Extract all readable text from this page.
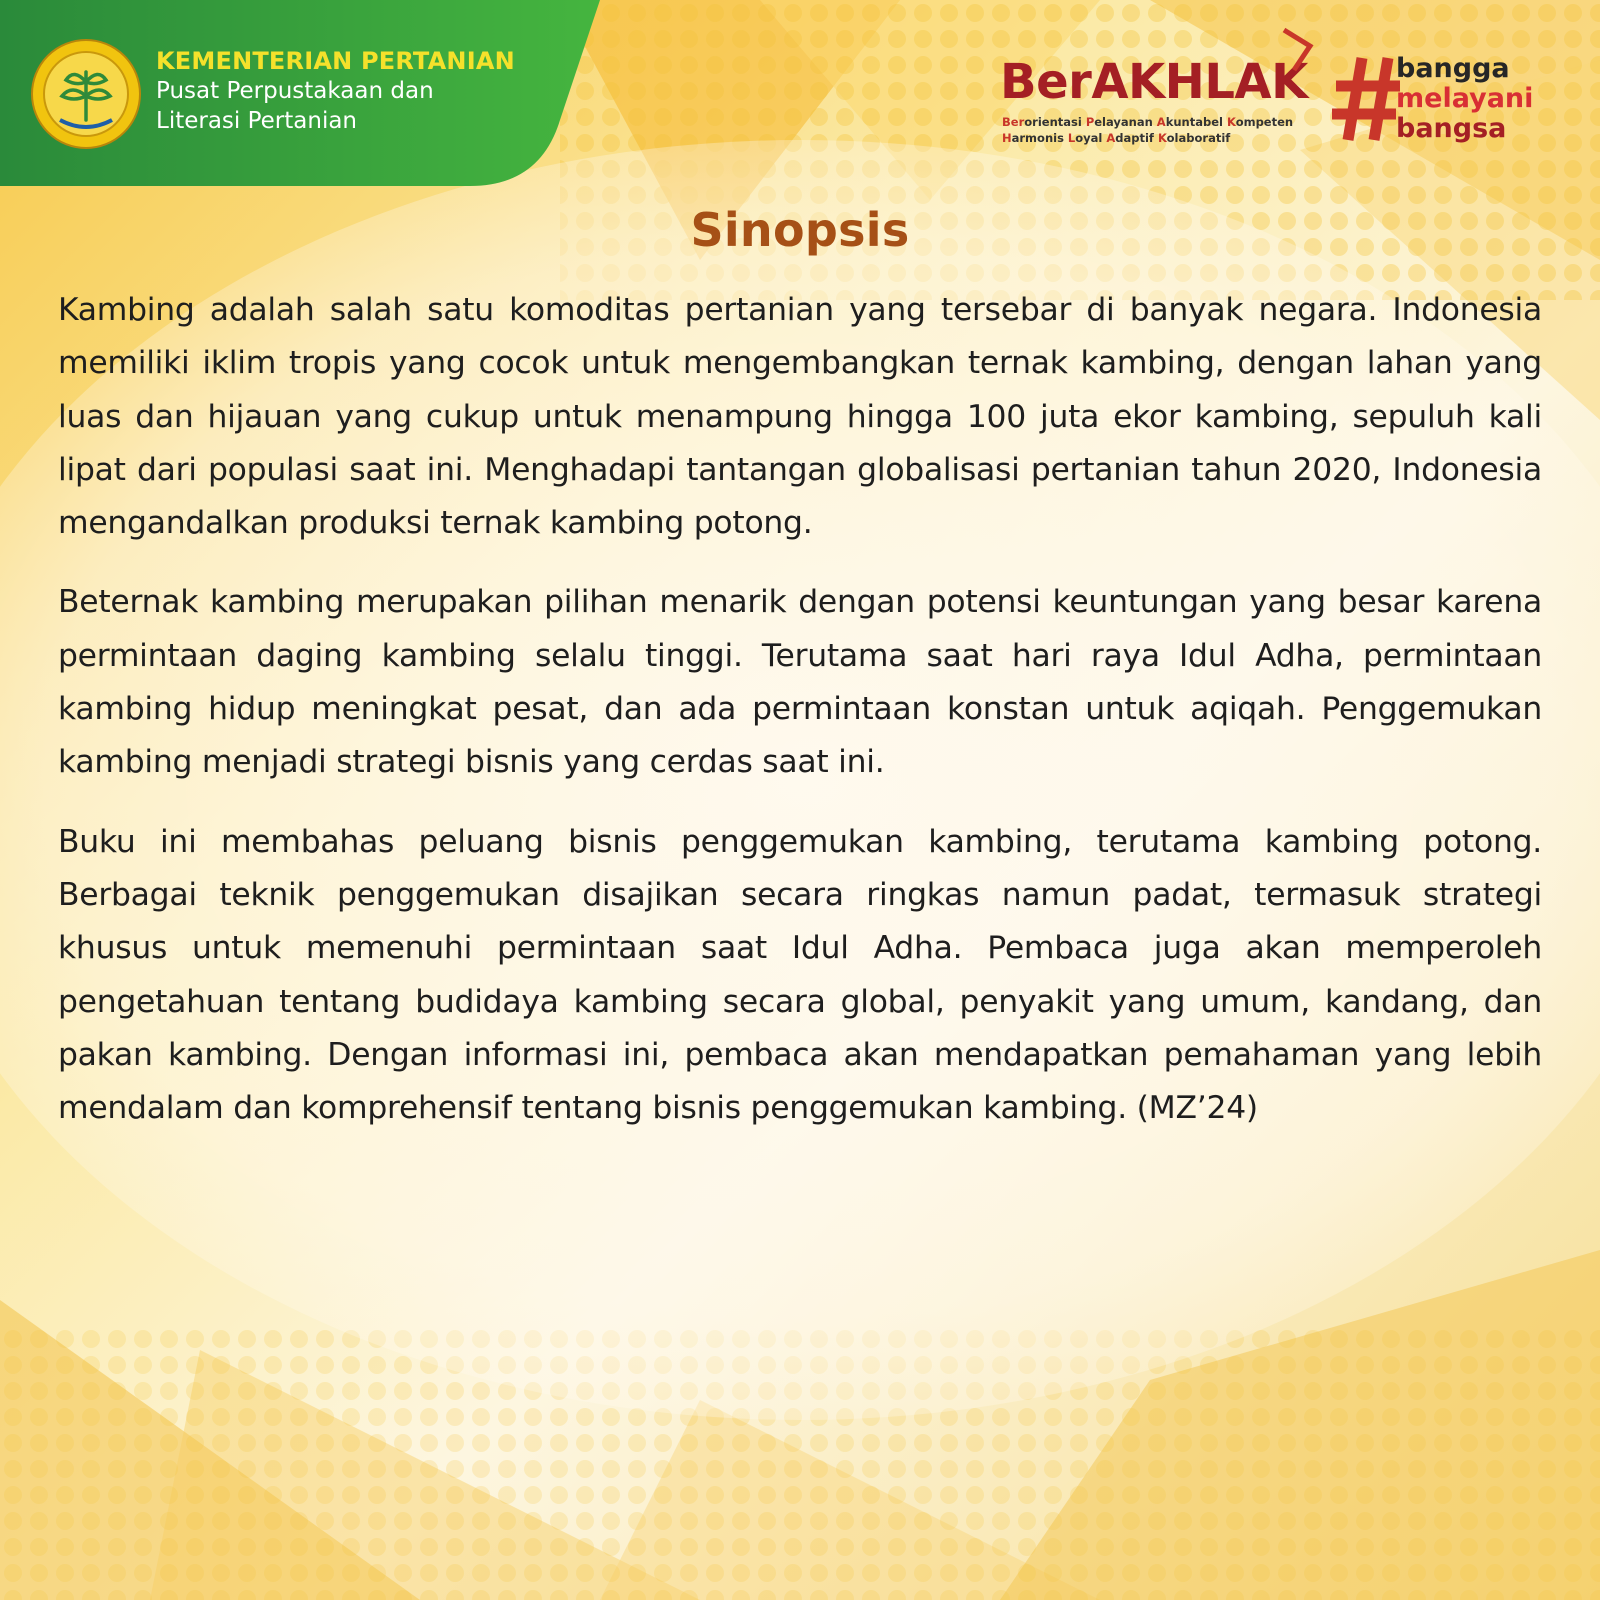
KEMENTERIAN PERTANIAN
Pusat Perpustakaan dan
Literasi Pertanian
BerAKHLAK
Berorientasi Pelayanan Akuntabel Kompeten
Harmonis Loyal Adaptif Kolaboratif
bangga
melayani
bangsa
Sinopsis

Kambing adalah salah satu komoditas pertanian yang tersebar di banyak negara. Indonesia memiliki iklim tropis yang cocok untuk mengembangkan ternak kambing, dengan lahan yang luas dan hijauan yang cukup untuk menampung hingga 100 juta ekor kambing, sepuluh kali lipat dari populasi saat ini. Menghadapi tantangan globalisasi pertanian tahun 2020, Indonesia mengandalkan produksi ternak kambing potong.

Beternak kambing merupakan pilihan menarik dengan potensi keuntungan yang besar karena permintaan daging kambing selalu tinggi. Terutama saat hari raya Idul Adha, permintaan kambing hidup meningkat pesat, dan ada permintaan konstan untuk aqiqah. Penggemukan kambing menjadi strategi bisnis yang cerdas saat ini.

Buku ini membahas peluang bisnis penggemukan kambing, terutama kambing potong. Berbagai teknik penggemukan disajikan secara ringkas namun padat, termasuk strategi khusus untuk memenuhi permintaan saat Idul Adha. Pembaca juga akan memperoleh pengetahuan tentang budidaya kambing secara global, penyakit yang umum, kandang, dan pakan kambing. Dengan informasi ini, pembaca akan mendapatkan pemahaman yang lebih mendalam dan komprehensif tentang bisnis penggemukan kambing. (MZ’24)
